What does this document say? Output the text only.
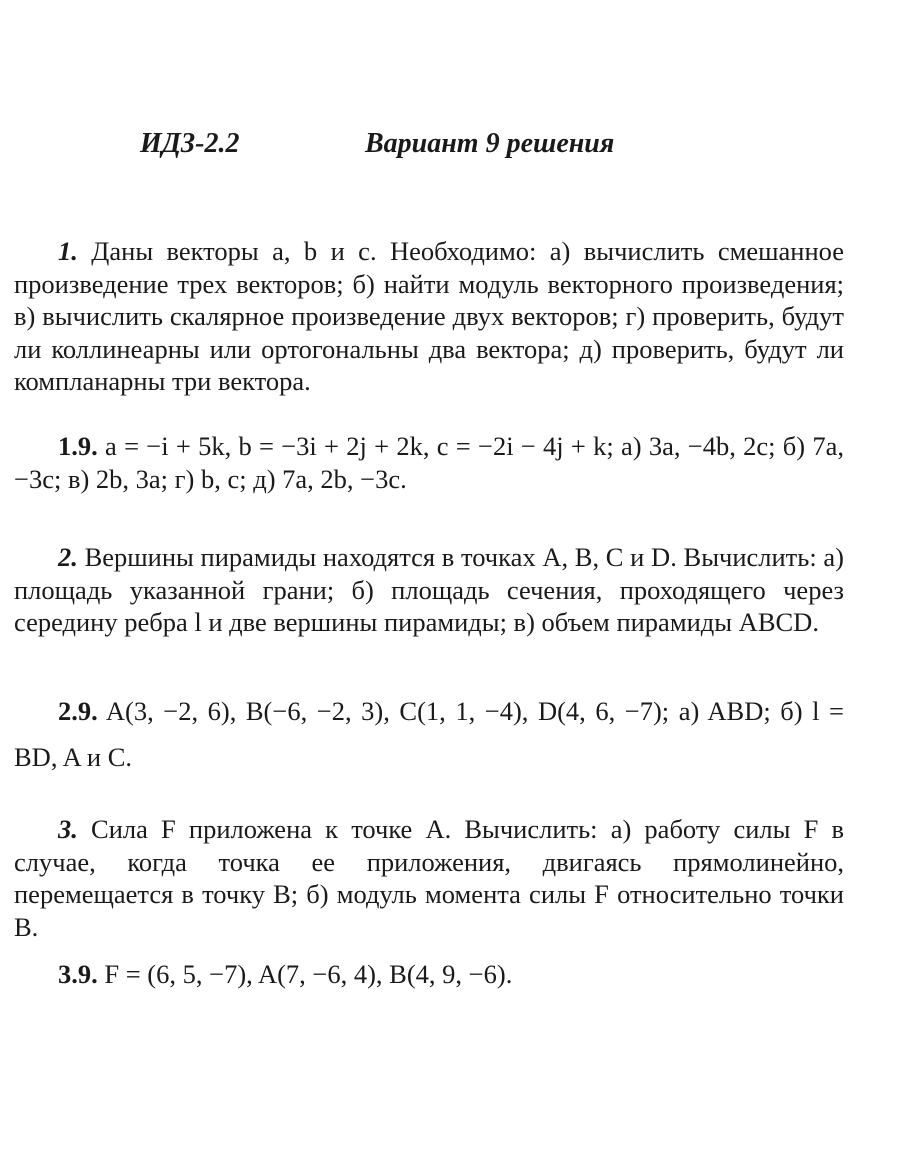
ИДЗ-2.2	Вариант 9 решения
1. Даны векторы a, b и c. Необходимо: а) вычислить смешанное произведение трех векторов; б) найти модуль векторного произведения; в) вычислить скалярное произведение двух векторов; г) проверить, будут ли коллинеарны или ортогональны два вектора; д) проверить, будут ли компланарны три вектора.
1.9. a = −i + 5k, b = −3i + 2j + 2k, c = −2i − 4j + k; а) 3a, −4b, 2c; б) 7a, −3c; в) 2b, 3a; г) b, c; д) 7a, 2b, −3c.
2. Вершины пирамиды находятся в точках A, B, C и D. Вычислить: а) площадь указанной грани; б) площадь сечения, проходящего через середину ребра l и две вершины пирамиды; в) объем пирамиды ABCD.
2.9. A(3, −2, 6), B(−6, −2, 3), C(1, 1, −4), D(4, 6, −7); а) ABD; б) l = BD, A и C.
3. Сила F приложена к точке A. Вычислить: а) работу силы F в случае, когда точка ее приложения, двигаясь прямолинейно, перемещается в точку B; б) модуль момента силы F относительно точки B.
3.9. F = (6, 5, −7), A(7, −6, 4), B(4, 9, −6).
